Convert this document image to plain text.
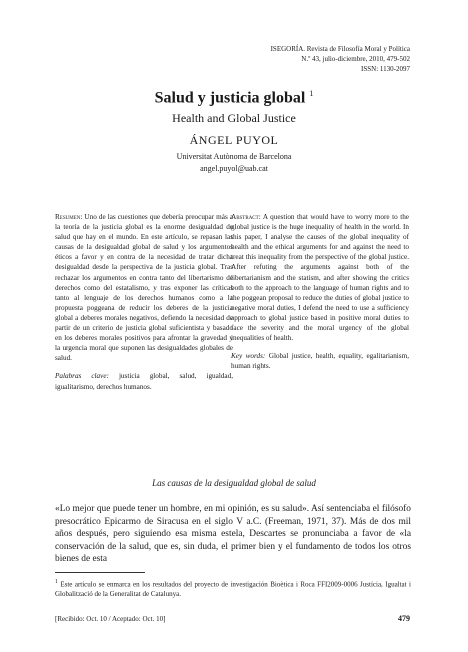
ISEGORÍA. Revista de Filosofía Moral y Política
N.º 43, julio-diciembre, 2010, 479-502
ISSN: 1130-2097
Salud y justicia global $^1$
Health and Global Justice
ÁNGEL PUYOL
Universitat Autònoma de Barcelona
angel.puyol@uab.cat
Resumen: Uno de las cuestiones que debería preocupar más a la teoría de la justicia global es la enorme desigualdad de salud que hay en el mundo. En este artículo, se repasan las causas de la desigualdad global de salud y los argumentos éticos a favor y en contra de la necesidad de tratar dicha desigualdad desde la perspectiva de la justicia global. Tras rechazar los argumentos en contra tanto del libertarismo de derechos como del estatalismo, y tras exponer las críticas tanto al lenguaje de los derechos humanos como a la propuesta poggeana de reducir los deberes de la justicia global a deberes morales negativos, defiendo la necesidad de partir de un criterio de justicia global suficientista y basado en los deberes morales positivos para afrontar la gravedad y la urgencia moral que suponen las desigualdades globales de salud.
Palabras clave: justicia global, salud, igualdad, igualitarismo, derechos humanos.
Abstract: A question that would have to worry more to the global justice is the huge inequality of health in the world. In this paper, I analyse the causes of the global inequality of health and the ethical arguments for and against the need to treat this inequality from the perspective of the global justice. After refuting the arguments against both of the libertarianism and the statism, and after showing the critics both to the approach to the language of human rights and to the poggean proposal to reduce the duties of global justice to negative moral duties, I defend the need to use a sufficiency approach to global justice based in positive moral duties to face the severity and the moral urgency of the global inequalities of health.
Key words: Global justice, health, equality, egalitarianism, human rights.
Las causas de la desigualdad global de salud
«Lo mejor que puede tener un hombre, en mi opinión, es su salud». Así sentenciaba el filósofo presocrático Epicarmo de Siracusa en el siglo V a.C. (Freeman, 1971, 37). Más de dos mil años después, pero siguiendo esa misma estela, Descartes se pronunciaba a favor de «la conservación de la salud, que es, sin duda, el primer bien y el fundamento de todos los otros bienes de esta
$^1$ Este artículo se enmarca en los resultados del proyecto de investigación Bioètica i Roca FFI2009-0006 Justícia, Igualtat i Globalització de la Generalitat de Catalunya.
[Recibido: Oct. 10 / Aceptado: Oct. 10]	479
